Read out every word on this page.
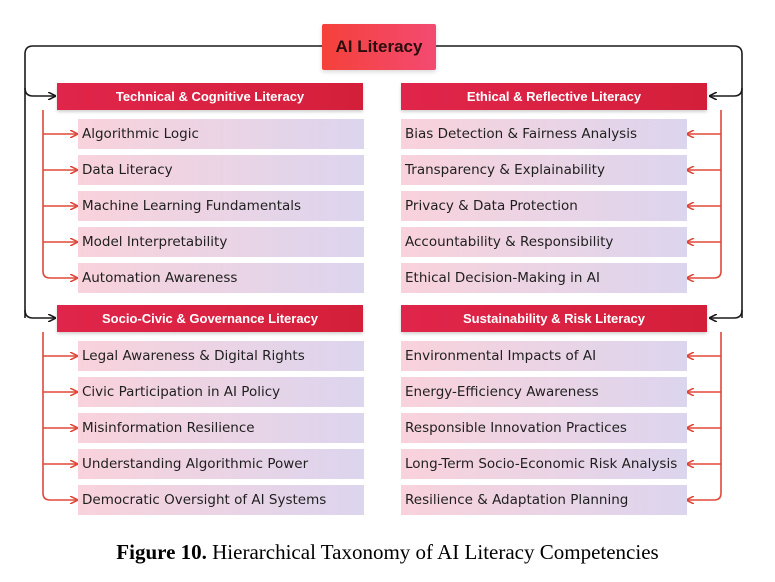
AI Literacy
Technical & Cognitive Literacy	Ethical & Reflective Literacy
Socio-Civic & Governance Literacy	Sustainability & Risk Literacy
Algorithmic Logic
Data Literacy
Machine Learning Fundamentals
Model Interpretability
Automation Awareness
Bias Detection & Fairness Analysis
Transparency & Explainability
Privacy & Data Protection
Accountability & Responsibility
Ethical Decision-Making in AI
Legal Awareness & Digital Rights
Civic Participation in AI Policy
Misinformation Resilience
Understanding Algorithmic Power
Democratic Oversight of AI Systems
Environmental Impacts of AI
Energy-Efficiency Awareness
Responsible Innovation Practices
Long-Term Socio-Economic Risk Analysis
Resilience & Adaptation Planning
Figure 10. Hierarchical Taxonomy of AI Literacy Competencies
